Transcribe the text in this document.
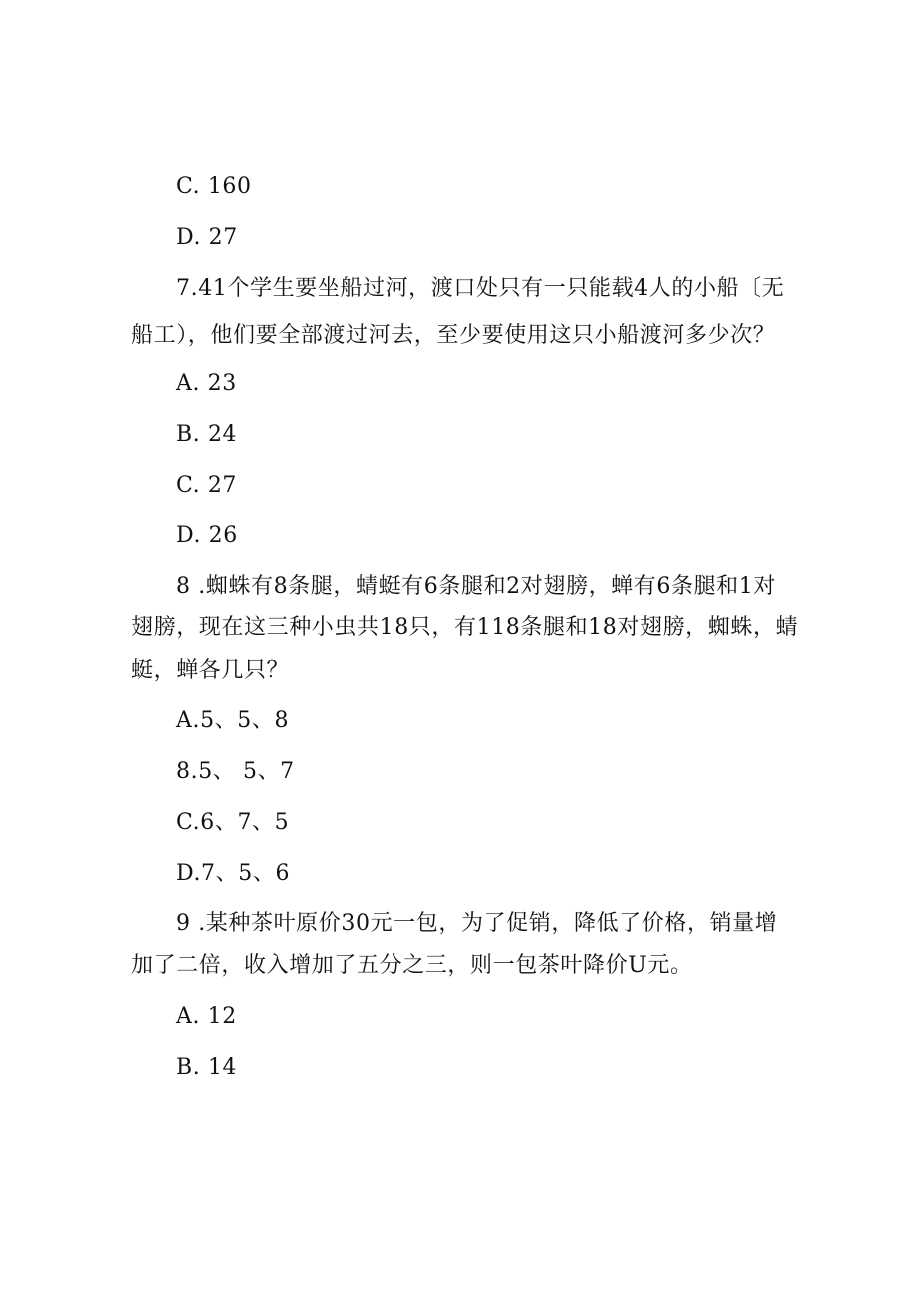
C. 160
D. 27
7.41个学生要坐船过河，渡口处只有一只能载4人的小船〔无
船工），他们要全部渡过河去，至少要使用这只小船渡河多少次？
A. 23
B. 24
C. 27
D. 26
8 .蜘蛛有8条腿，蜻蜓有6条腿和2对翅膀，蝉有6条腿和1对
翅膀，现在这三种小虫共18只，有118条腿和18对翅膀，蜘蛛，蜻
蜓，蝉各几只？
A.5、5、8
8.5、 5、7
C.6、7、5
D.7、5、6
9 .某种茶叶原价30元一包，为了促销，降低了价格，销量增
加了二倍，收入增加了五分之三，则一包茶叶降价U元。
A. 12
B. 14
